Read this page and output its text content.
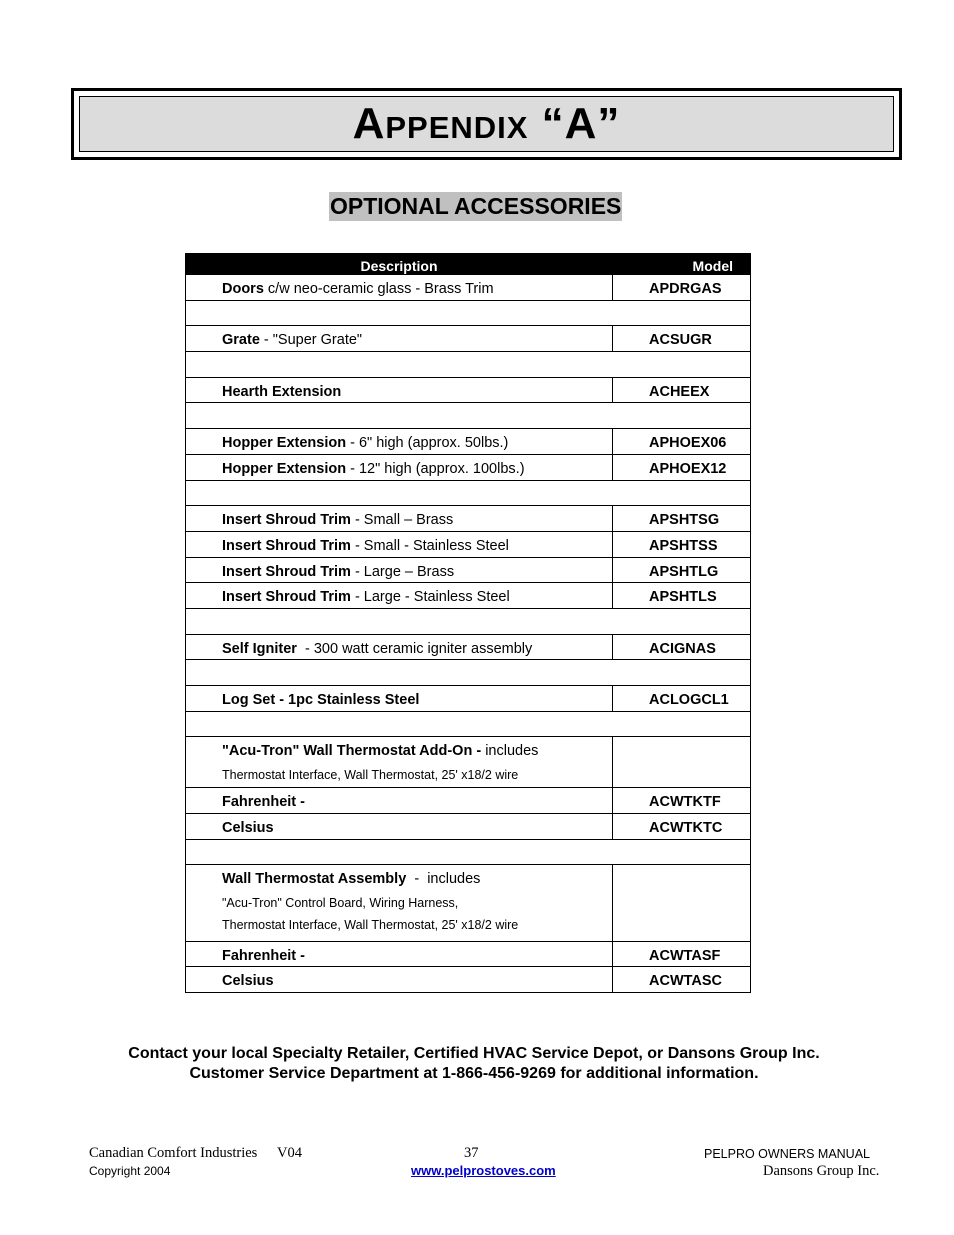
Appendix “A”
OPTIONAL ACCESSORIES
Description	Model
Doors c/w neo-ceramic glass - Brass Trim	APDRGAS
Grate - "Super Grate"	ACSUGR
Hearth Extension	ACHEEX
Hopper Extension - 6" high (approx. 50lbs.)	APHOEX06
Hopper Extension - 12" high (approx. 100lbs.)	APHOEX12
Insert Shroud Trim - Small – Brass	APSHTSG
Insert Shroud Trim - Small - Stainless Steel	APSHTSS
Insert Shroud Trim - Large – Brass	APSHTLG
Insert Shroud Trim - Large - Stainless Steel	APSHTLS
Self Igniter  - 300 watt ceramic igniter assembly	ACIGNAS
Log Set - 1pc Stainless Steel	ACLOGCL1
"Acu-Tron" Wall Thermostat Add-On - includes
Thermostat Interface, Wall Thermostat, 25' x18/2 wire
Fahrenheit -	ACWTKTF
Celsius	ACWTKTC
Wall Thermostat Assembly  -  includes
"Acu-Tron" Control Board, Wiring Harness,
Thermostat Interface, Wall Thermostat, 25' x18/2 wire
Fahrenheit -	ACWTASF
Celsius	ACWTASC
Contact your local Specialty Retailer, Certified HVAC Service Depot, or Dansons Group Inc.
Customer Service Department at 1-866-456-9269 for additional information.
Canadian Comfort Industries V04
Copyright 2004
37
www.pelprostoves.com
PELPRO OWNERS MANUAL
Dansons Group Inc.
